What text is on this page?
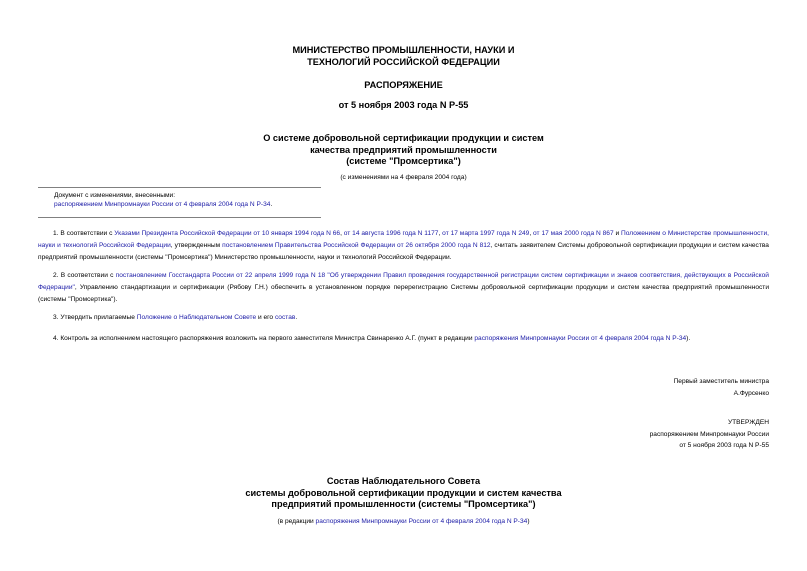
МИНИСТЕРСТВО ПРОМЫШЛЕННОСТИ, НАУКИ И
ТЕХНОЛОГИЙ РОССИЙСКОЙ ФЕДЕРАЦИИ
РАСПОРЯЖЕНИЕ
от 5 ноября 2003 года N Р-55
О системе добровольной сертификации продукции и систем
качества предприятий промышленности
(системе "Промсертика")
(с изменениями на 4 февраля 2004 года)
Документ с изменениями, внесенными:
распоряжением Минпромнауки России от 4 февраля 2004 года N Р-34.
1. В соответствии с Указами Президента Российской Федерации от 10 января 1994 года N 66, от 14 августа 1996 года N 1177, от 17 марта 1997 года N 249, от 17 мая 2000 года N 867 и Положением о Министерстве промышленности, науки и технологий Российской Федерации, утвержденным постановлением Правительства Российской Федерации от 26 октября 2000 года N 812, считать заявителем Системы добровольной сертификации продукции и систем качества предприятий промышленности (системы "Промсертика") Министерство промышленности, науки и технологий Российской Федерации.
2. В соответствии с постановлением Госстандарта России от 22 апреля 1999 года N 18 "Об утверждении Правил проведения государственной регистрации систем сертификации и знаков соответствия, действующих в Российской Федерации", Управлению стандартизации и сертификации (Рябову Г.Н.) обеспечить в установленном порядке перерегистрацию Системы добровольной сертификации продукции и систем качества предприятий промышленности (системы "Промсертика").
3. Утвердить прилагаемые Положение о Наблюдательном Совете и его состав.
4. Контроль за исполнением настоящего распоряжения возложить на первого заместителя Министра Свинаренко А.Г. (пункт в редакции распоряжения Минпромнауки России от 4 февраля 2004 года N Р-34).
Первый заместитель министра
А.Фурсенко
УТВЕРЖДЕН
распоряжением Минпромнауки России
от 5 ноября 2003 года N Р-55
Состав Наблюдательного Совета
системы добровольной сертификации продукции и систем качества
предприятий промышленности (системы "Промсертика")
(в редакции распоряжения Минпромнауки России от 4 февраля 2004 года N Р-34)
